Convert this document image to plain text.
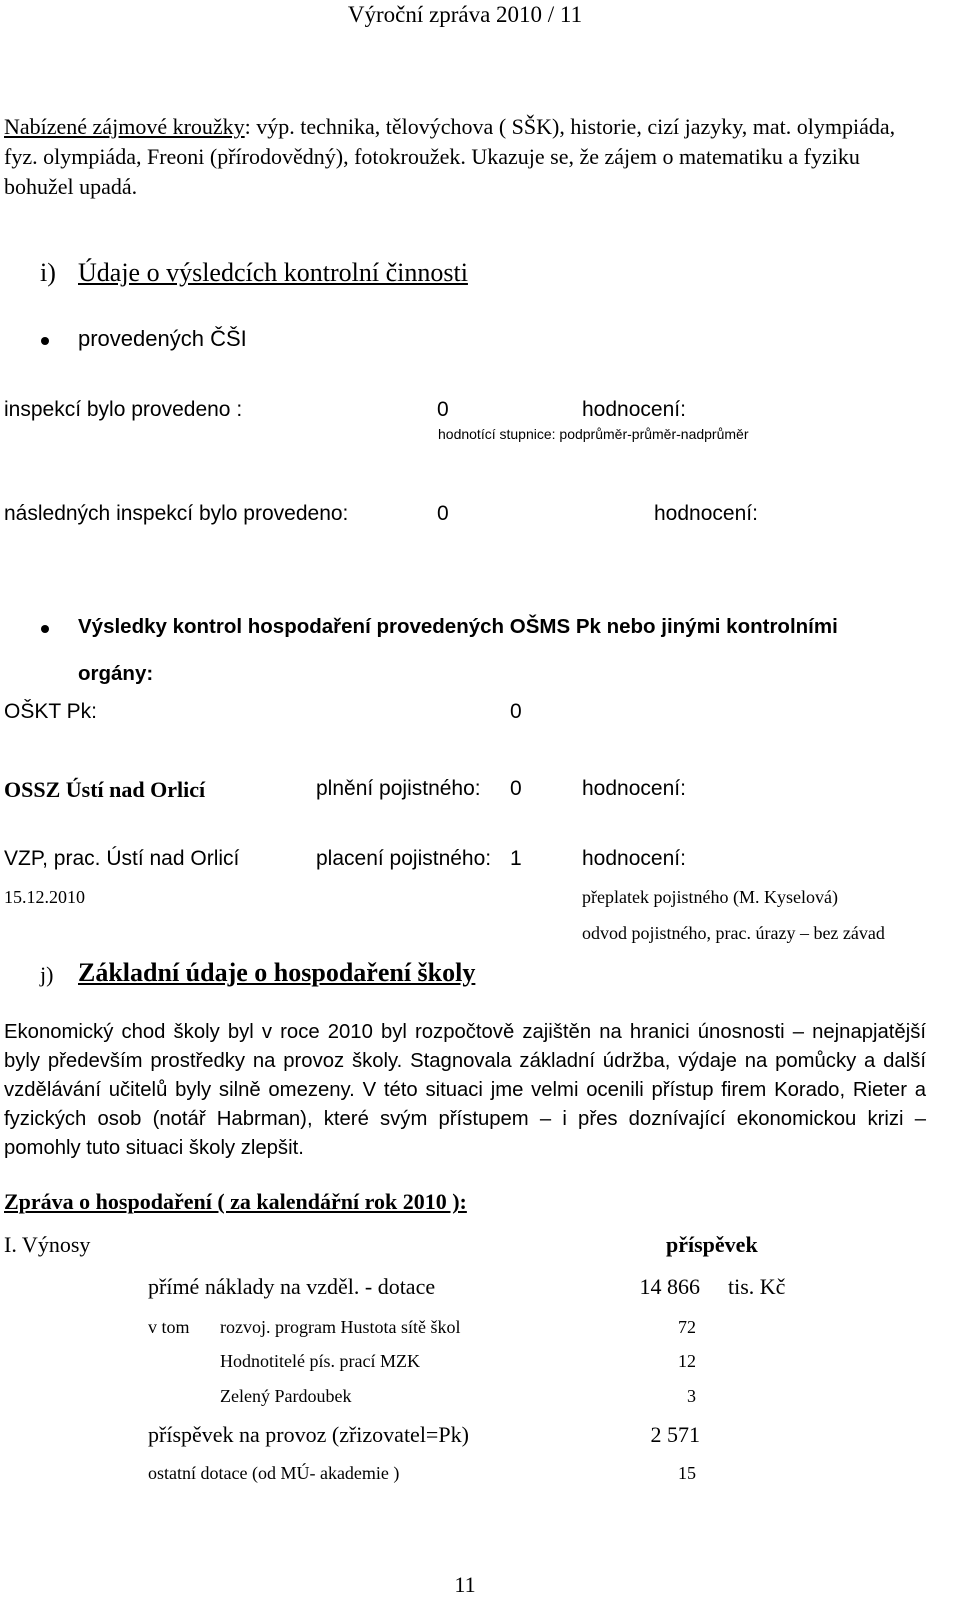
Výroční zpráva 2010 / 11
Nabízené zájmové kroužky: výp. technika, tělovýchova ( SŠK), historie, cizí jazyky, mat. olympiáda, fyz. olympiáda, Freoni (přírodovědný), fotokroužek. Ukazuje se, že zájem o matematiku a fyziku bohužel upadá.
i) Údaje o výsledcích kontrolní činnosti
provedených ČŠI
inspekcí bylo provedeno :	0	hodnocení:
hodnotící stupnice: podprůměr-průměr-nadprůměr
následných inspekcí bylo provedeno:	0	hodnocení:
Výsledky kontrol hospodaření provedených OŠMS Pk nebo jinými kontrolními
orgány:
OŠKT Pk:	0
OSSZ Ústí nad Orlicí	plnění pojistného: 0	hodnocení:
VZP, prac. Ústí nad Orlicí	placení pojistného: 1	hodnocení:
15.12.2010	přeplatek pojistného (M. Kyselová)
odvod pojistného, prac. úrazy – bez závad
j) Základní údaje o hospodaření školy
Ekonomický chod školy byl v roce 2010 byl rozpočtově zajištěn na hranici únosnosti – nejnapjatější byly především prostředky na provoz školy. Stagnovala základní údržba, výdaje na pomůcky a další vzdělávání učitelů byly silně omezeny. V této situaci jme velmi ocenili přístup firem Korado, Rieter a fyzických osob (notář Habrman), které svým přístupem – i přes doznívající ekonomickou krizi – pomohly tuto situaci školy zlepšit.
Zpráva o hospodaření ( za kalendářní rok 2010 ):
I. Výnosy	příspěvek
přímé náklady na vzděl. - dotace	14 866 tis. Kč
v tom rozvoj. program Hustota sítě škol	72
Hodnotitelé pís. prací MZK	12
Zelený Pardoubek	3
příspěvek na provoz (zřizovatel=Pk)	2 571
ostatní dotace (od MÚ- akademie )	15
11
